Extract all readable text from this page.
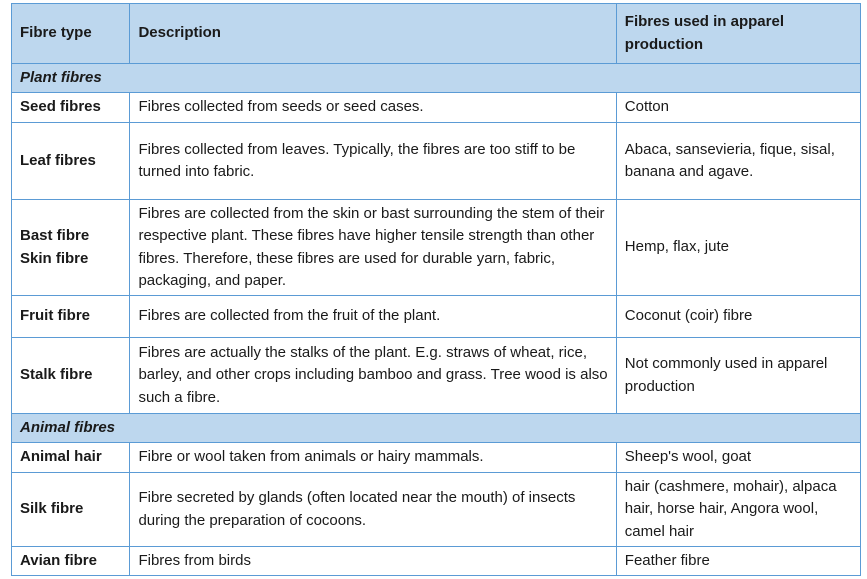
Fibre type	Description	Fibres used in apparel production
Plant fibres		
Seed fibres	Fibres collected from seeds or seed cases.	Cotton
Leaf fibres	Fibres collected from leaves. Typically, the fibres are too stiff to be turned into fabric.	Abaca, sansevieria, fique, sisal, banana and agave.

Bast fibre
Skin fibre	Fibres are collected from the skin or bast surrounding the stem of their respective plant. These fibres have higher tensile strength than other fibres. Therefore, these fibres are used for durable yarn, fabric, packaging, and paper.	Hemp, flax, jute
Fruit fibre	Fibres are collected from the fruit of the plant.	Coconut (coir) fibre
Stalk fibre	Fibres are actually the stalks of the plant. E.g. straws of wheat, rice, barley, and other crops including bamboo and grass. Tree wood is also such a fibre.	Not commonly used in apparel production
Animal fibres		
Animal hair	Fibre or wool taken from animals or hairy mammals.	Sheep's wool, goat
Silk fibre	Fibre secreted by glands (often located near the mouth) of insects during the preparation of cocoons.	hair (cashmere, mohair), alpaca hair, horse hair, Angora wool, camel hair
Avian fibre	Fibres from birds	Feather fibre
